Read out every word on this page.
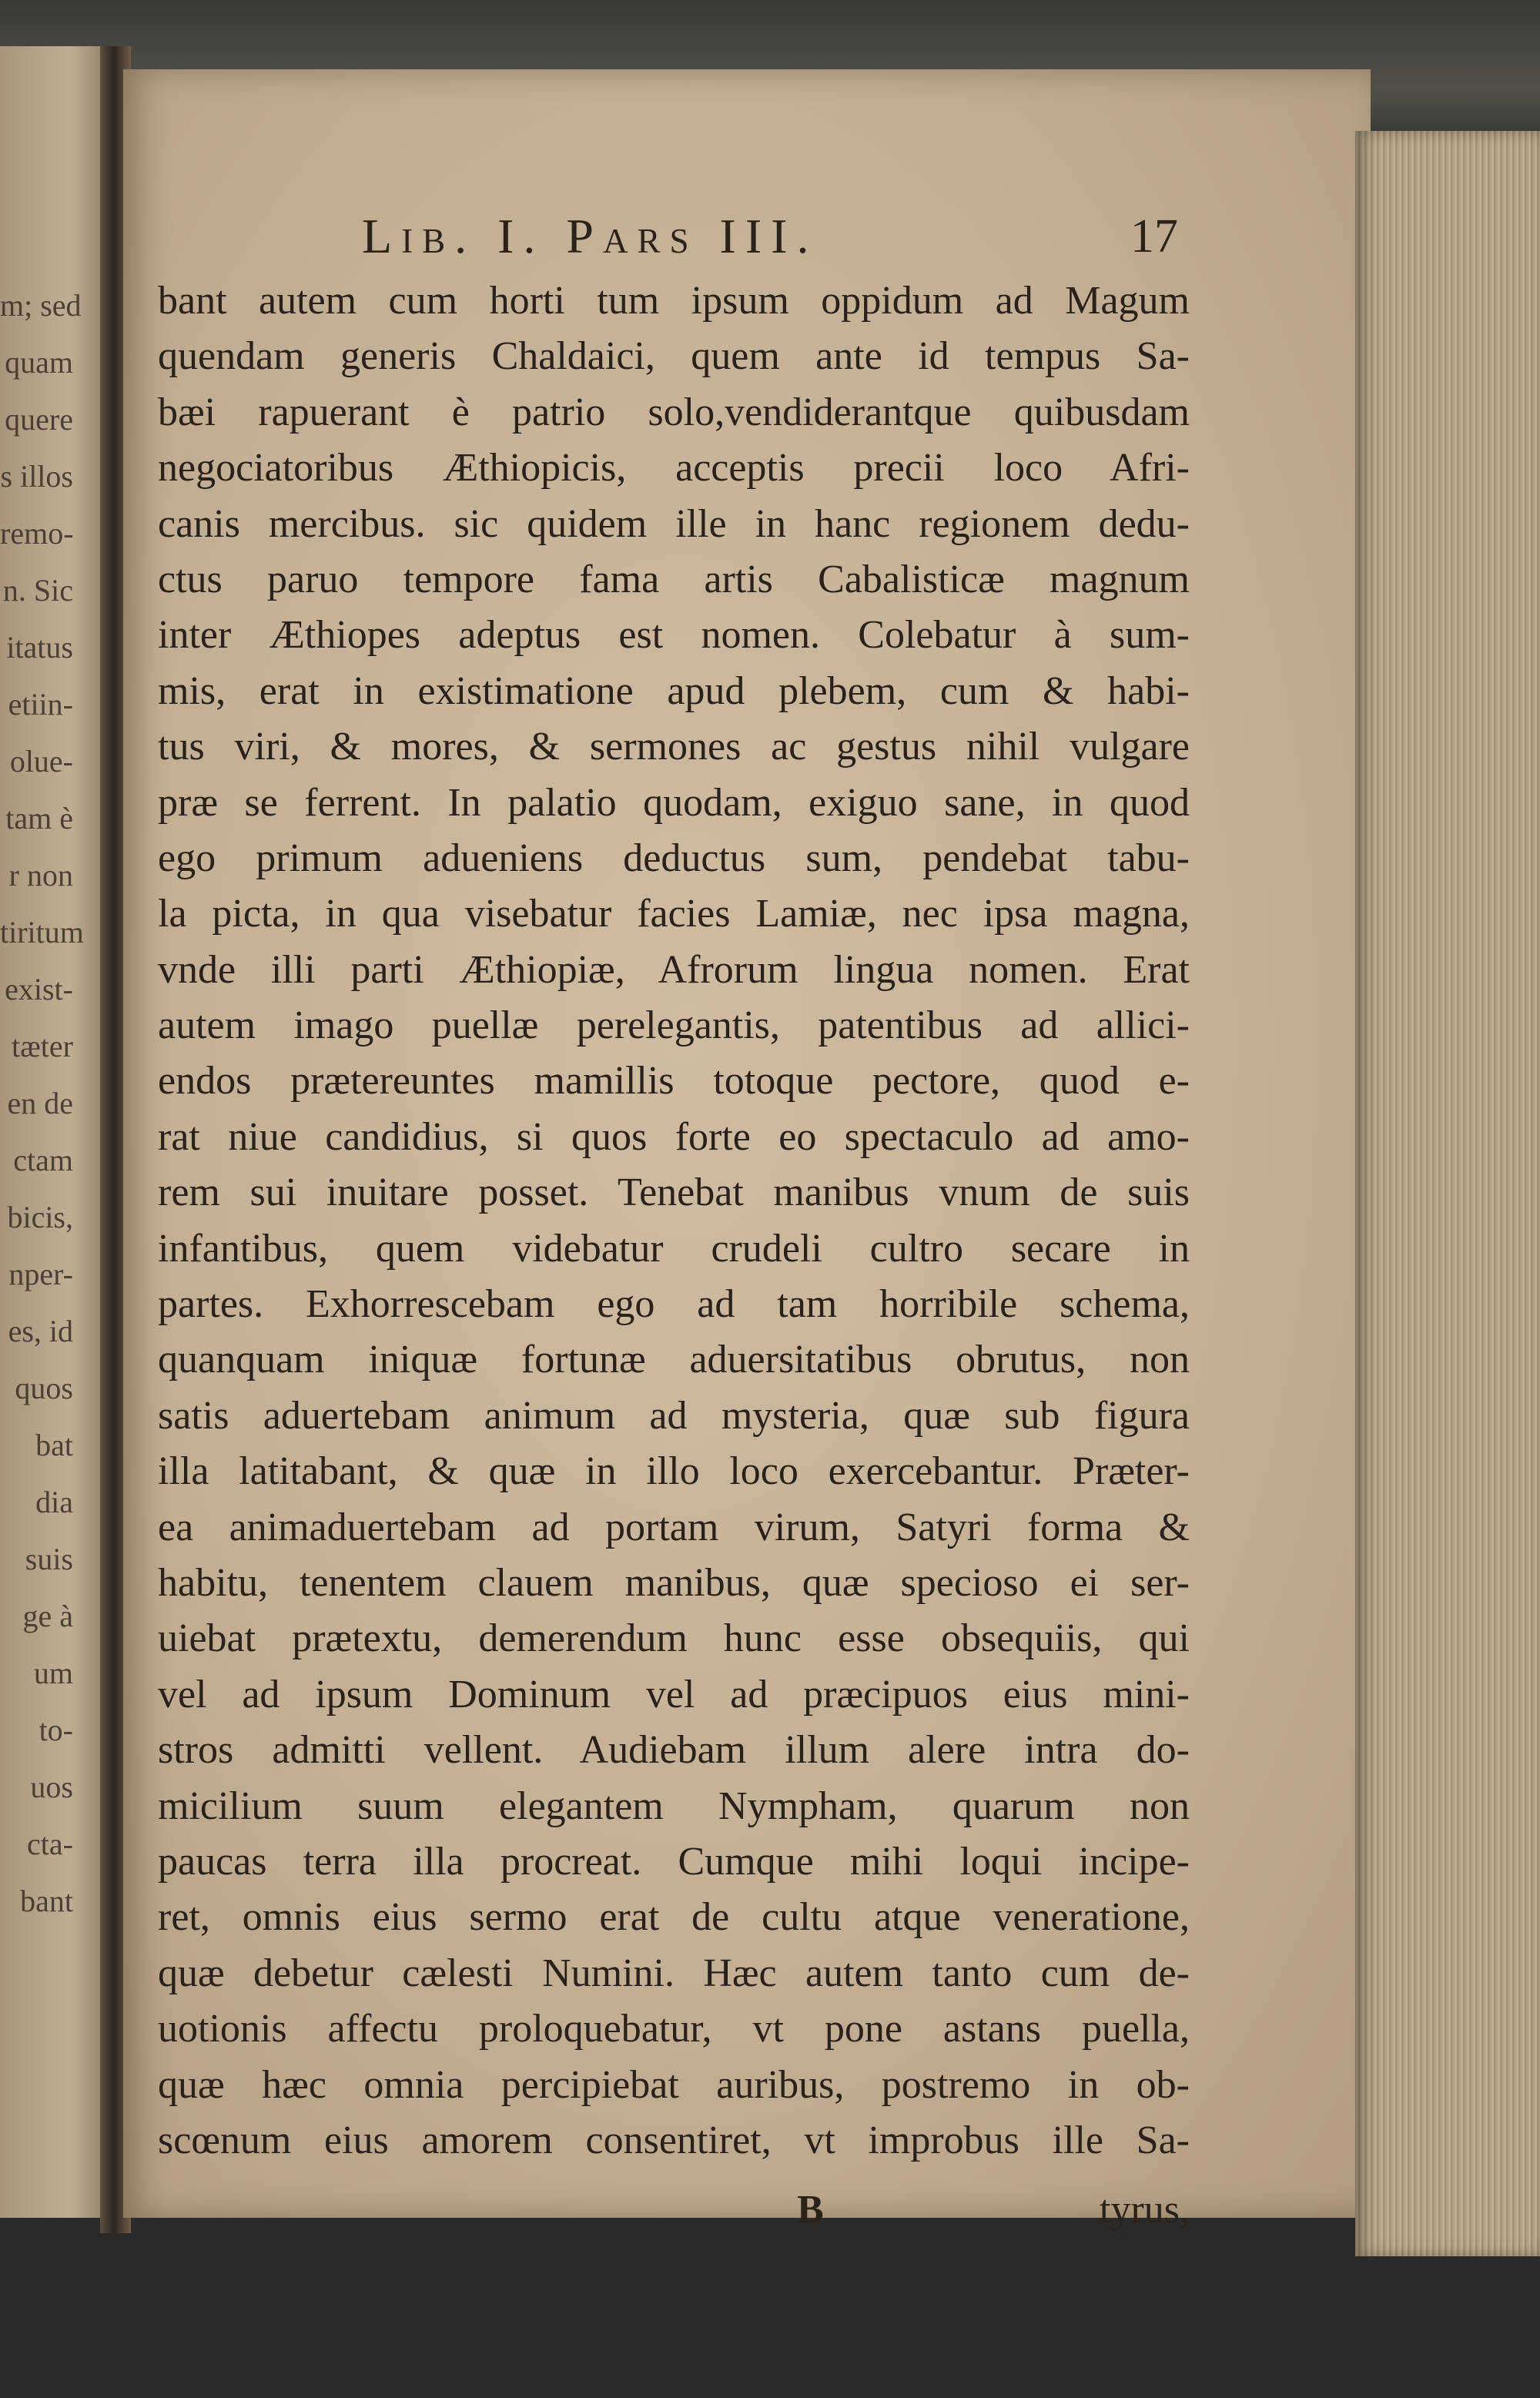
m; sed
quam
quere
s illos
remo-
n. Sic
itatus
etiin-
olue-
tam è
r non
tiritum
exist-
tæter
en de
ctam
bicis,
nper-
es, id
quos
bat
dia
suis
ge à
um
to-
uos
cta-
bant
Lib. I. Pars III.	17
bant autem cum horti tum ipsum oppidum ad Magum
quendam generis Chaldaici, quem ante id tempus Sa-
bæi rapuerant è patrio solo,vendiderantque quibusdam
negociatoribus Æthiopicis, acceptis precii loco Afri-
canis mercibus. sic quidem ille in hanc regionem dedu-
ctus paruo tempore fama artis Cabalisticæ magnum
inter Æthiopes adeptus est nomen. Colebatur à sum-
mis, erat in existimatione apud plebem, cum & habi-
tus viri, & mores, & sermones ac gestus nihil vulgare
præ se ferrent. In palatio quodam, exiguo sane, in quod
ego primum adueniens deductus sum, pendebat tabu-
la picta, in qua visebatur facies Lamiæ, nec ipsa magna,
vnde illi parti Æthiopiæ, Afrorum lingua nomen. Erat
autem imago puellæ perelegantis, patentibus ad allici-
endos prætereuntes mamillis totoque pectore, quod e-
rat niue candidius, si quos forte eo spectaculo ad amo-
rem sui inuitare posset. Tenebat manibus vnum de suis
infantibus, quem videbatur crudeli cultro secare in
partes. Exhorrescebam ego ad tam horribile schema,
quanquam iniquæ fortunæ aduersitatibus obrutus, non
satis aduertebam animum ad mysteria, quæ sub figura
illa latitabant, & quæ in illo loco exercebantur. Præter-
ea animaduertebam ad portam virum, Satyri forma &
habitu, tenentem clauem manibus, quæ specioso ei ser-
uiebat prætextu, demerendum hunc esse obsequiis, qui
vel ad ipsum Dominum vel ad præcipuos eius mini-
stros admitti vellent. Audiebam illum alere intra do-
micilium suum elegantem Nympham, quarum non
paucas terra illa procreat. Cumque mihi loqui incipe-
ret, omnis eius sermo erat de cultu atque veneratione,
quæ debetur cælesti Numini. Hæc autem tanto cum de-
uotionis affectu proloquebatur, vt pone astans puella,
quæ hæc omnia percipiebat auribus, postremo in ob-
scœnum eius amorem consentiret, vt improbus ille Sa-
B	tyrus,
